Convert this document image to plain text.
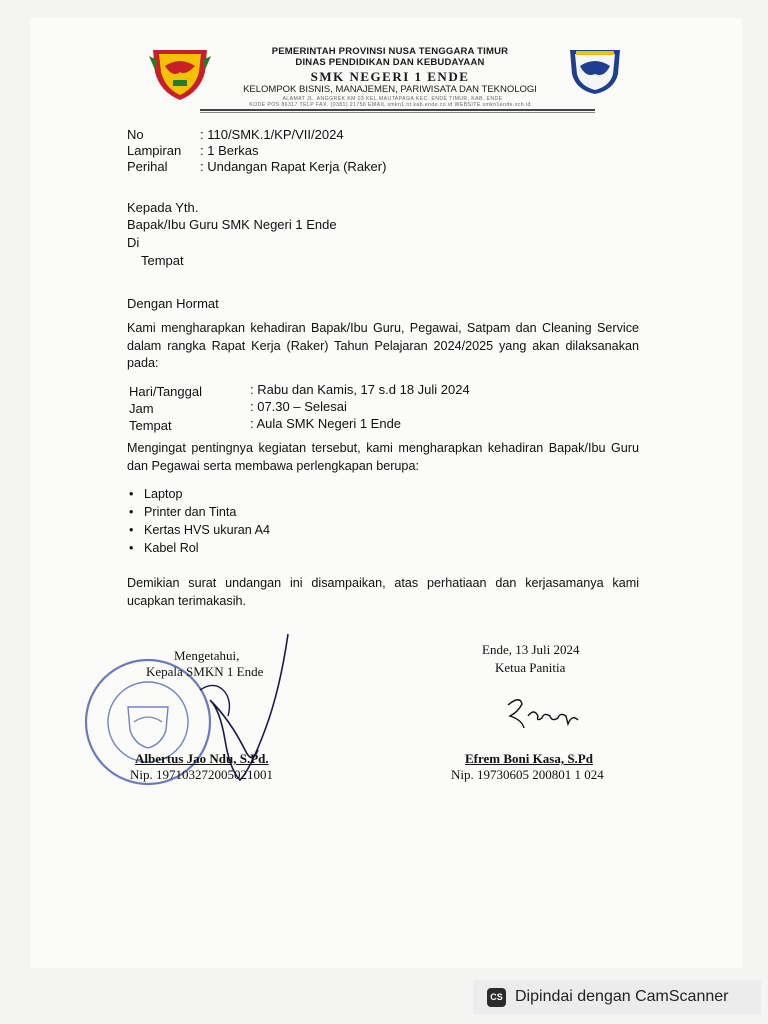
PEMERINTAH PROVINSI NUSA TENGGARA TIMUR
DINAS PENDIDIKAN DAN KEBUDAYAAN
SMK NEGERI 1 ENDE
KELOMPOK BISNIS, MANAJEMEN, PARIWISATA DAN TEKNOLOGI
ALAMAT JL. ANGGREK KM 03 KEL.MAUTAPAGA KEC. ENDE TIMUR, KAB. ENDE
KODE POS 86317 TELP FAX. (0381) 21756 EMAIL smkn1.nt.kab.ende.co.id WEBSITE smkn1ende.sch.id
No	: 110/SMK.1/KP/VII/2024
Lampiran : 1 Berkas
Perihal	: Undangan Rapat Kerja (Raker)
Kepada Yth.
Bapak/Ibu Guru SMK Negeri 1 Ende
Di
Tempat
Dengan Hormat
Kami mengharapkan kehadiran Bapak/Ibu Guru, Pegawai, Satpam dan Cleaning Service dalam rangka Rapat Kerja (Raker) Tahun Pelajaran 2024/2025 yang akan dilaksanakan pada:
Hari/Tanggal	: Rabu dan Kamis, 17 s.d 18 Juli 2024
Jam	: 07.30 – Selesai
Tempat	: Aula SMK Negeri 1 Ende
Mengingat pentingnya kegiatan tersebut, kami mengharapkan kehadiran Bapak/Ibu Guru dan Pegawai serta membawa perlengkapan berupa:
• Laptop
• Printer dan Tinta
• Kertas HVS ukuran A4
• Kabel Rol
Demikian surat undangan ini disampaikan, atas perhatiaan dan kerjasamanya kami ucapkan terimakasih.
Mengetahui,
Kepala SMKN 1 Ende
Albertus Jao Ndu, S.Pd.
Nip. 197103272005021001
Ende, 13 Juli 2024
Ketua Panitia
Efrem Boni Kasa, S.Pd
Nip. 19730605 200801 1 024
CS Dipindai dengan CamScanner
